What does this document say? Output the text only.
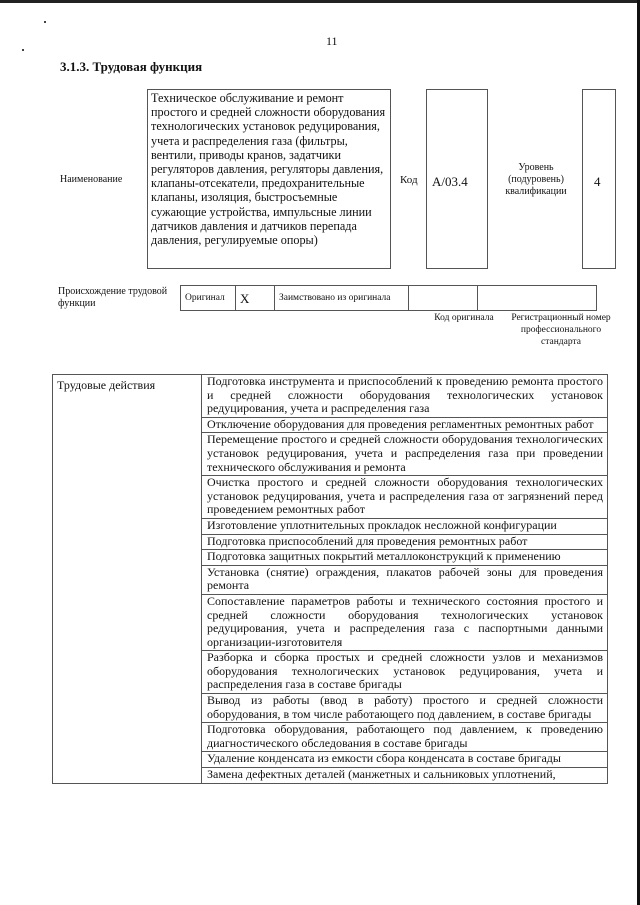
11
3.1.3. Трудовая функция
Наименование
Техническое обслуживание и ремонт простого и средней сложности оборудования технологических установок редуцирования, учета и распределения газа (фильтры, вентили, приводы кранов, задатчики регуляторов давления, регуляторы давления, клапаны-отсекатели, предохранительные клапаны, изоляция, быстросъемные сужающие устройства, импульсные линии датчиков давления и датчиков перепада давления, регулируемые опоры)
Код А/03.4
Уровень (подуровень) квалификации
4
Происхождение трудовой функции
Оригинал	Х	Заимствовано из оригинала		
Код оригинала	Регистрационный номер профессионального стандарта
Трудовые действия	Подготовка инструмента и приспособлений к проведению ремонта простого и средней сложности оборудования технологических установок редуцирования, учета и распределения газа
Отключение оборудования для проведения регламентных ремонтных работ
Перемещение простого и средней сложности оборудования технологических установок редуцирования, учета и распределения газа при проведении технического обслуживания и ремонта
Очистка простого и средней сложности оборудования технологических установок редуцирования, учета и распределения газа от загрязнений перед проведением ремонтных работ
Изготовление уплотнительных прокладок несложной конфигурации
Подготовка приспособлений для проведения ремонтных работ
Подготовка защитных покрытий металлоконструкций к применению
Установка (снятие) ограждения, плакатов рабочей зоны для проведения ремонта
Сопоставление параметров работы и технического состояния простого и средней сложности оборудования технологических установок редуцирования, учета и распределения газа с паспортными данными организации-изготовителя
Разборка и сборка простых и средней сложности узлов и механизмов оборудования технологических установок редуцирования, учета и распределения газа в составе бригады
Вывод из работы (ввод в работу) простого и средней сложности оборудования, в том числе работающего под давлением, в составе бригады
Подготовка оборудования, работающего под давлением, к проведению диагностического обследования в составе бригады
Удаление конденсата из емкости сбора конденсата в составе бригады
Замена дефектных деталей (манжетных и сальниковых уплотнений,
